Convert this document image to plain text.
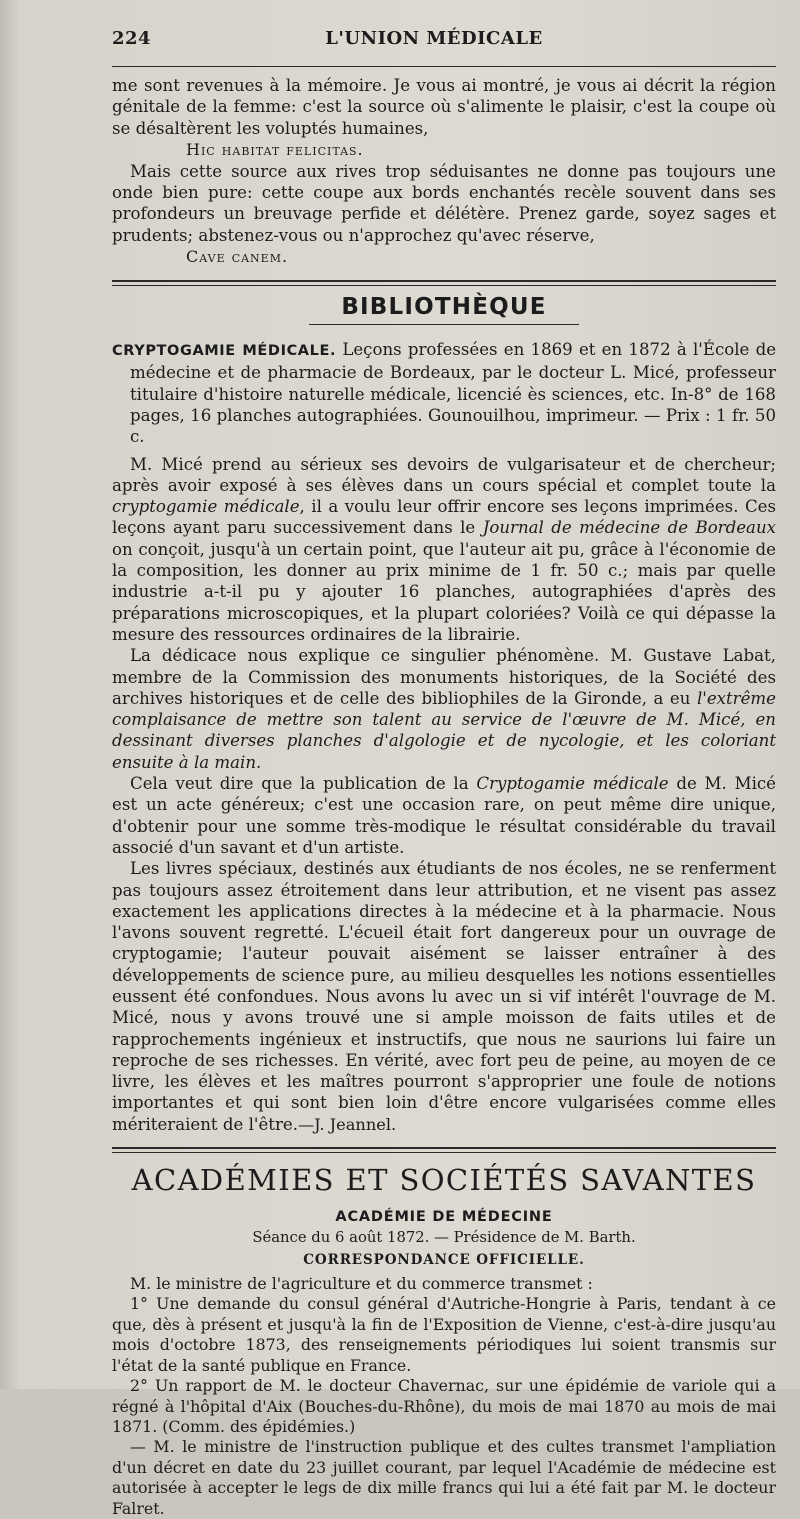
224	L'UNION MÉDICALE

me sont revenues à la mémoire. Je vous ai montré, je vous ai décrit la région génitale de la femme: c'est la source où s'alimente le plaisir, c'est la coupe où se désaltèrent les voluptés humaines,

Hic habitat felicitas.

Mais cette source aux rives trop séduisantes ne donne pas toujours une onde bien pure: cette coupe aux bords enchantés recèle souvent dans ses profondeurs un breuvage perfide et délétère. Prenez garde, soyez sages et prudents; abstenez-vous ou n'approchez qu'avec réserve,

Cave canem.

BIBLIOTHÈQUE

CRYPTOGAMIE MÉDICALE. Leçons professées en 1869 et en 1872 à l'École de médecine et de pharmacie de Bordeaux, par le docteur L. Micé, professeur titulaire d'histoire naturelle médicale, licencié ès sciences, etc. In-8° de 168 pages, 16 planches autographiées. Gounouilhou, imprimeur. — Prix : 1 fr. 50 c.

M. Micé prend au sérieux ses devoirs de vulgarisateur et de chercheur; après avoir exposé à ses élèves dans un cours spécial et complet toute la cryptogamie médicale, il a voulu leur offrir encore ses leçons imprimées. Ces leçons ayant paru successivement dans le Journal de médecine de Bordeaux on conçoit, jusqu'à un certain point, que l'auteur ait pu, grâce à l'économie de la composition, les donner au prix minime de 1 fr. 50 c.; mais par quelle industrie a-t-il pu y ajouter 16 planches, autographiées d'après des préparations microscopiques, et la plupart coloriées? Voilà ce qui dépasse la mesure des ressources ordinaires de la librairie.

La dédicace nous explique ce singulier phénomène. M. Gustave Labat, membre de la Commission des monuments historiques, de la Société des archives historiques et de celle des bibliophiles de la Gironde, a eu l'extrême complaisance de mettre son talent au service de l'œuvre de M. Micé, en dessinant diverses planches d'algologie et de nycologie, et les coloriant ensuite à la main.

Cela veut dire que la publication de la Cryptogamie médicale de M. Micé est un acte généreux; c'est une occasion rare, on peut même dire unique, d'obtenir pour une somme très-modique le résultat considérable du travail associé d'un savant et d'un artiste.

Les livres spéciaux, destinés aux étudiants de nos écoles, ne se renferment pas toujours assez étroitement dans leur attribution, et ne visent pas assez exactement les applications directes à la médecine et à la pharmacie. Nous l'avons souvent regretté. L'écueil était fort dangereux pour un ouvrage de cryptogamie; l'auteur pouvait aisément se laisser entraîner à des développements de science pure, au milieu desquelles les notions essentielles eussent été confondues. Nous avons lu avec un si vif intérêt l'ouvrage de M. Micé, nous y avons trouvé une si ample moisson de faits utiles et de rapprochements ingénieux et instructifs, que nous ne saurions lui faire un reproche de ses richesses. En vérité, avec fort peu de peine, au moyen de ce livre, les élèves et les maîtres pourront s'approprier une foule de notions importantes et qui sont bien loin d'être encore vulgarisées comme elles mériteraient de l'être.—J. Jeannel.

ACADÉMIES ET SOCIÉTÉS SAVANTES
ACADÉMIE DE MÉDECINE
Séance du 6 août 1872. — Présidence de M. Barth.
CORRESPONDANCE OFFICIELLE.

M. le ministre de l'agriculture et du commerce transmet :

1° Une demande du consul général d'Autriche-Hongrie à Paris, tendant à ce que, dès à présent et jusqu'à la fin de l'Exposition de Vienne, c'est-à-dire jusqu'au mois d'octobre 1873, des renseignements périodiques lui soient transmis sur l'état de la santé publique en France.

2° Un rapport de M. le docteur Chavernac, sur une épidémie de variole qui a régné à l'hôpital d'Aix (Bouches-du-Rhône), du mois de mai 1870 au mois de mai 1871. (Comm. des épidémies.)

— M. le ministre de l'instruction publique et des cultes transmet l'ampliation d'un décret en date du 23 juillet courant, par lequel l'Académie de médecine est autorisée à accepter le legs de dix mille francs qui lui a été fait par M. le docteur Falret.
